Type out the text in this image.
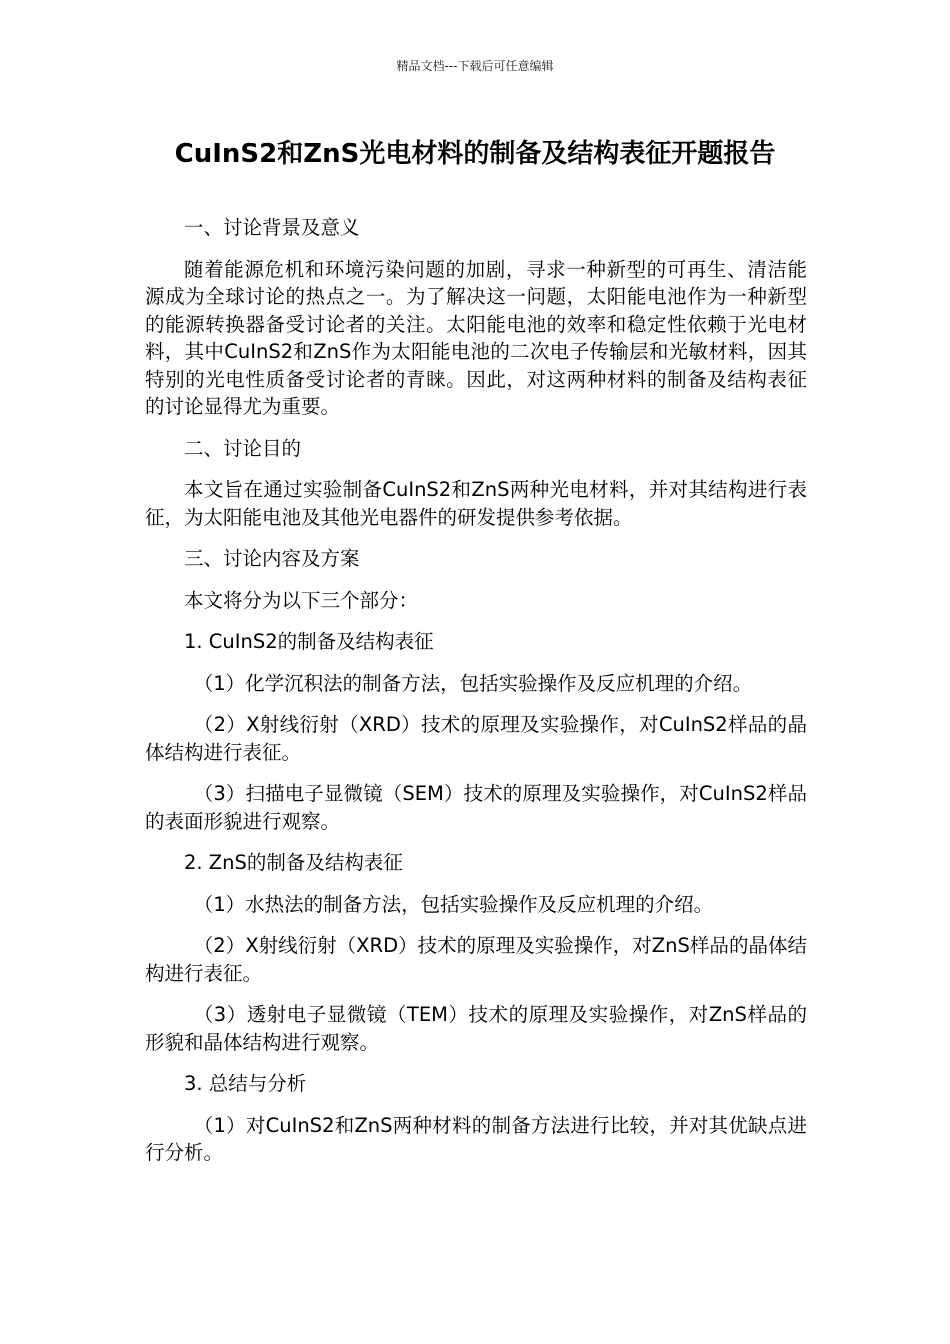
精品文档---下载后可任意编辑
CuInS2和ZnS光电材料的制备及结构表征开题报告

一、讨论背景及意义

随着能源危机和环境污染问题的加剧，寻求一种新型的可再生、清洁能源成为全球讨论的热点之一。为了解决这一问题，太阳能电池作为一种新型的能源转换器备受讨论者的关注。太阳能电池的效率和稳定性依赖于光电材料，其中CuInS2和ZnS作为太阳能电池的二次电子传输层和光敏材料，因其特别的光电性质备受讨论者的青睐。因此，对这两种材料的制备及结构表征的讨论显得尤为重要。

二、讨论目的

本文旨在通过实验制备CuInS2和ZnS两种光电材料，并对其结构进行表征，为太阳能电池及其他光电器件的研发提供参考依据。

三、讨论内容及方案

本文将分为以下三个部分：

1. CuInS2的制备及结构表征

（1）化学沉积法的制备方法，包括实验操作及反应机理的介绍。

（2）X射线衍射（XRD）技术的原理及实验操作，对CuInS2样品的晶体结构进行表征。

（3）扫描电子显微镜（SEM）技术的原理及实验操作，对CuInS2样品的表面形貌进行观察。

2. ZnS的制备及结构表征

（1）水热法的制备方法，包括实验操作及反应机理的介绍。

（2）X射线衍射（XRD）技术的原理及实验操作，对ZnS样品的晶体结构进行表征。

（3）透射电子显微镜（TEM）技术的原理及实验操作，对ZnS样品的形貌和晶体结构进行观察。

3. 总结与分析

（1）对CuInS2和ZnS两种材料的制备方法进行比较，并对其优缺点进行分析。
